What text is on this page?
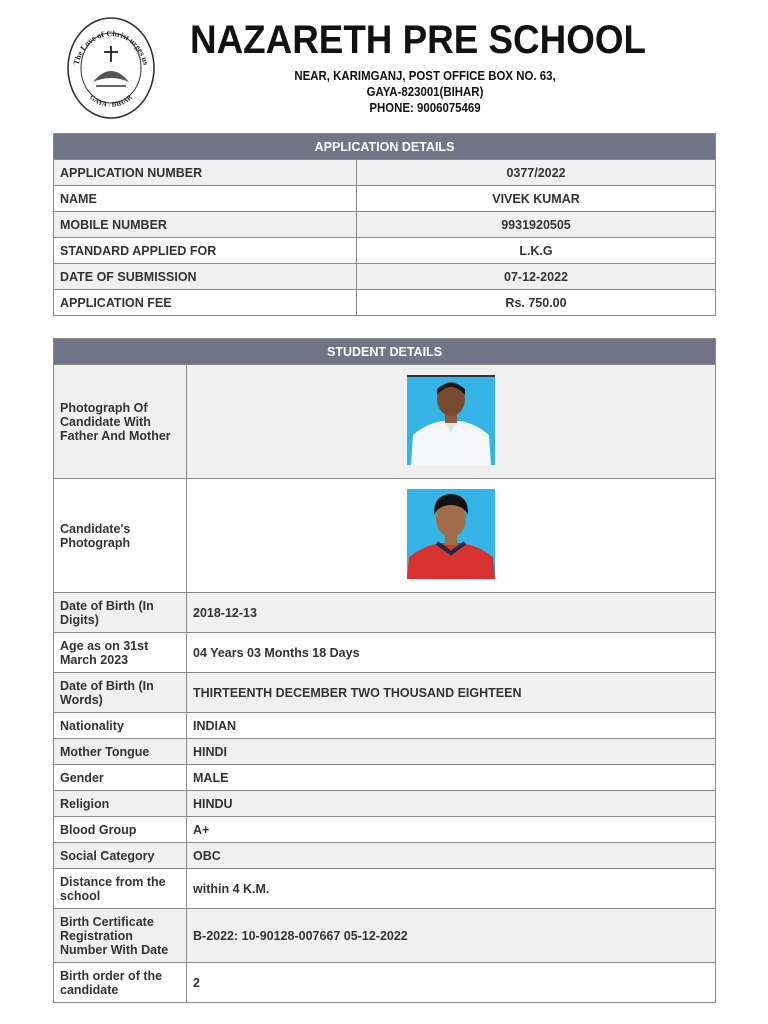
The Love of Christ urges us
GAYA - BIHAR
NAZARETH PRE SCHOOL
NEAR, KARIMGANJ, POST OFFICE BOX NO. 63,
GAYA-823001(BIHAR)
PHONE: 9006075469
APPLICATION DETAILS	
APPLICATION NUMBER	0377/2022
NAME	VIVEK KUMAR
MOBILE NUMBER	9931920505
STANDARD APPLIED FOR	L.K.G
DATE OF SUBMISSION	07-12-2022
APPLICATION FEE	Rs. 750.00
STUDENT DETAILS	
Photograph Of Candidate With Father And Mother	
Candidate's Photograph	
Date of Birth (In Digits)	2018-12-13
Age as on 31st March 2023	04 Years 03 Months 18 Days
Date of Birth (In Words)	THIRTEENTH DECEMBER TWO THOUSAND EIGHTEEN
Nationality	INDIAN
Mother Tongue	HINDI
Gender	MALE
Religion	HINDU
Blood Group	A+
Social Category	OBC
Distance from the school	within 4 K.M.
Birth Certificate Registration Number With Date	B-2022: 10-90128-007667 05-12-2022
Birth order of the candidate	2
